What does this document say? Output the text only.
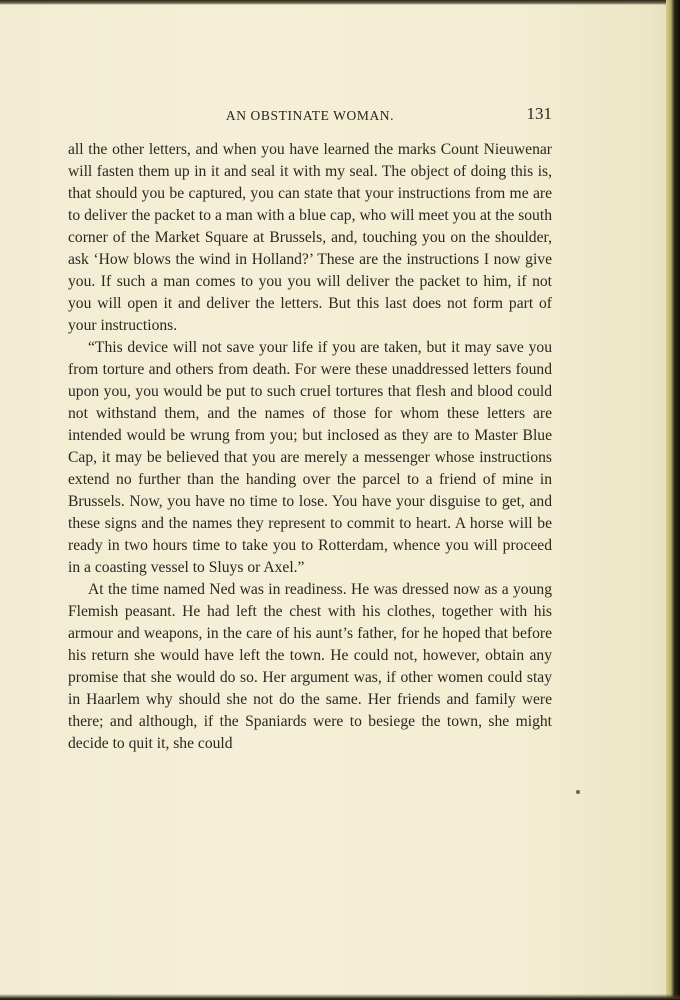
AN OBSTINATE WOMAN.	131

all the other letters, and when you have learned the marks Count Nieuwenar will fasten them up in it and seal it with my seal. The object of doing this is, that should you be captured, you can state that your instructions from me are to deliver the packet to a man with a blue cap, who will meet you at the south corner of the Market Square at Brussels, and, touching you on the shoulder, ask ‘How blows the wind in Holland?’ These are the instructions I now give you. If such a man comes to you you will deliver the packet to him, if not you will open it and deliver the letters. But this last does not form part of your instructions.

“This device will not save your life if you are taken, but it may save you from torture and others from death. For were these unaddressed letters found upon you, you would be put to such cruel tortures that flesh and blood could not withstand them, and the names of those for whom these letters are intended would be wrung from you; but inclosed as they are to Master Blue Cap, it may be believed that you are merely a messenger whose instructions extend no further than the handing over the parcel to a friend of mine in Brussels. Now, you have no time to lose. You have your disguise to get, and these signs and the names they represent to commit to heart. A horse will be ready in two hours time to take you to Rotterdam, whence you will proceed in a coasting vessel to Sluys or Axel.”

At the time named Ned was in readiness. He was dressed now as a young Flemish peasant. He had left the chest with his clothes, together with his armour and weapons, in the care of his aunt’s father, for he hoped that before his return she would have left the town. He could not, however, obtain any promise that she would do so. Her argument was, if other women could stay in Haarlem why should she not do the same. Her friends and family were there; and although, if the Spaniards were to besiege the town, she might decide to quit it, she could
